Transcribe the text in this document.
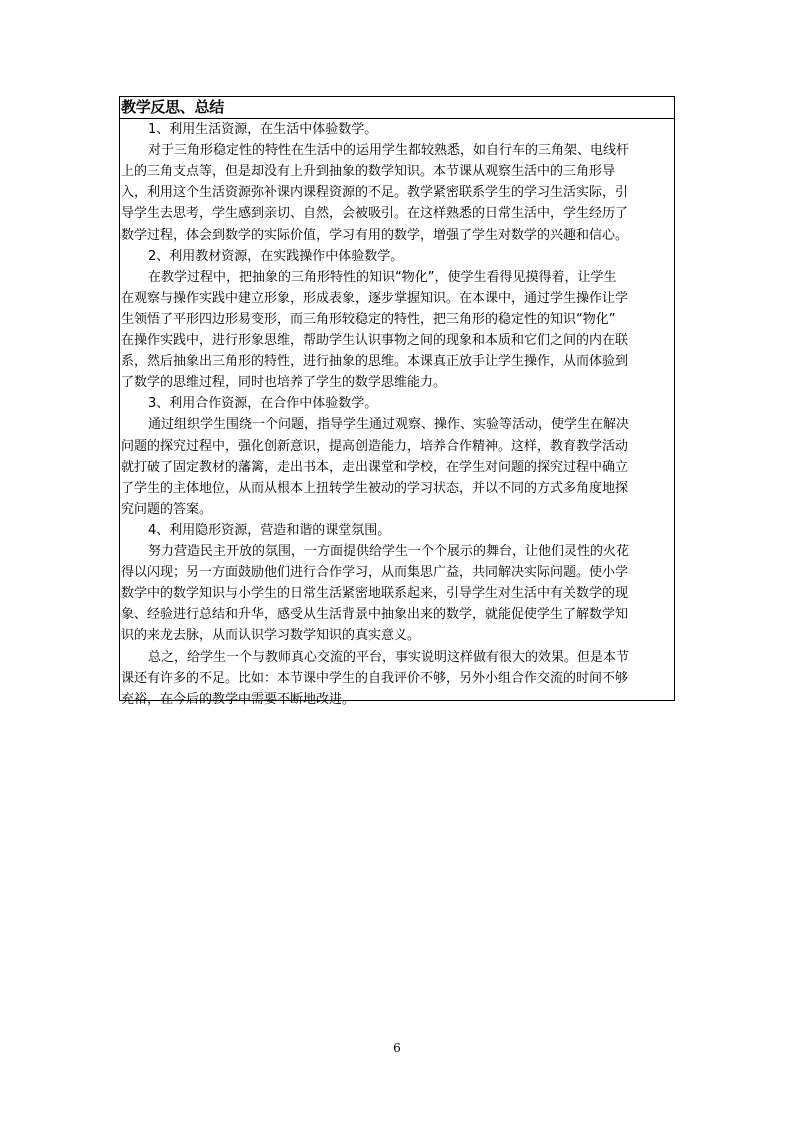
教学反思、总结
1、利用生活资源，在生活中体验数学。
对于三角形稳定性的特性在生活中的运用学生都较熟悉，如自行车的三角架、电线杆
上的三角支点等，但是却没有上升到抽象的数学知识。本节课从观察生活中的三角形导
入，利用这个生活资源弥补课内课程资源的不足。教学紧密联系学生的学习生活实际，引
导学生去思考，学生感到亲切、自然，会被吸引。在这样熟悉的日常生活中，学生经历了
数学过程，体会到数学的实际价值，学习有用的数学，增强了学生对数学的兴趣和信心。
2、利用教材资源，在实践操作中体验数学。
在教学过程中，把抽象的三角形特性的知识“物化”，使学生看得见摸得着，让学生
在观察与操作实践中建立形象，形成表象，逐步掌握知识。在本课中，通过学生操作让学
生领悟了平形四边形易变形，而三角形较稳定的特性，把三角形的稳定性的知识“物化”
在操作实践中，进行形象思维，帮助学生认识事物之间的现象和本质和它们之间的内在联
系，然后抽象出三角形的特性，进行抽象的思维。本课真正放手让学生操作，从而体验到
了数学的思维过程，同时也培养了学生的数学思维能力。
3、利用合作资源，在合作中体验数学。
通过组织学生围绕一个问题，指导学生通过观察、操作、实验等活动，使学生在解决
问题的探究过程中，强化创新意识，提高创造能力，培养合作精神。这样，教育教学活动
就打破了固定教材的藩篱，走出书本，走出课堂和学校，在学生对问题的探究过程中确立
了学生的主体地位，从而从根本上扭转学生被动的学习状态，并以不同的方式多角度地探
究问题的答案。
4、利用隐形资源，营造和谐的课堂氛围。
努力营造民主开放的氛围，一方面提供给学生一个个展示的舞台，让他们灵性的火花
得以闪现；另一方面鼓励他们进行合作学习，从而集思广益，共同解决实际问题。使小学
数学中的数学知识与小学生的日常生活紧密地联系起来，引导学生对生活中有关数学的现
象、经验进行总结和升华，感受从生活背景中抽象出来的数学，就能促使学生了解数学知
识的来龙去脉，从而认识学习数学知识的真实意义。
总之，给学生一个与教师真心交流的平台，事实说明这样做有很大的效果。但是本节
课还有许多的不足。比如：本节课中学生的自我评价不够，另外小组合作交流的时间不够
充裕，在今后的教学中需要不断地改进。
6
